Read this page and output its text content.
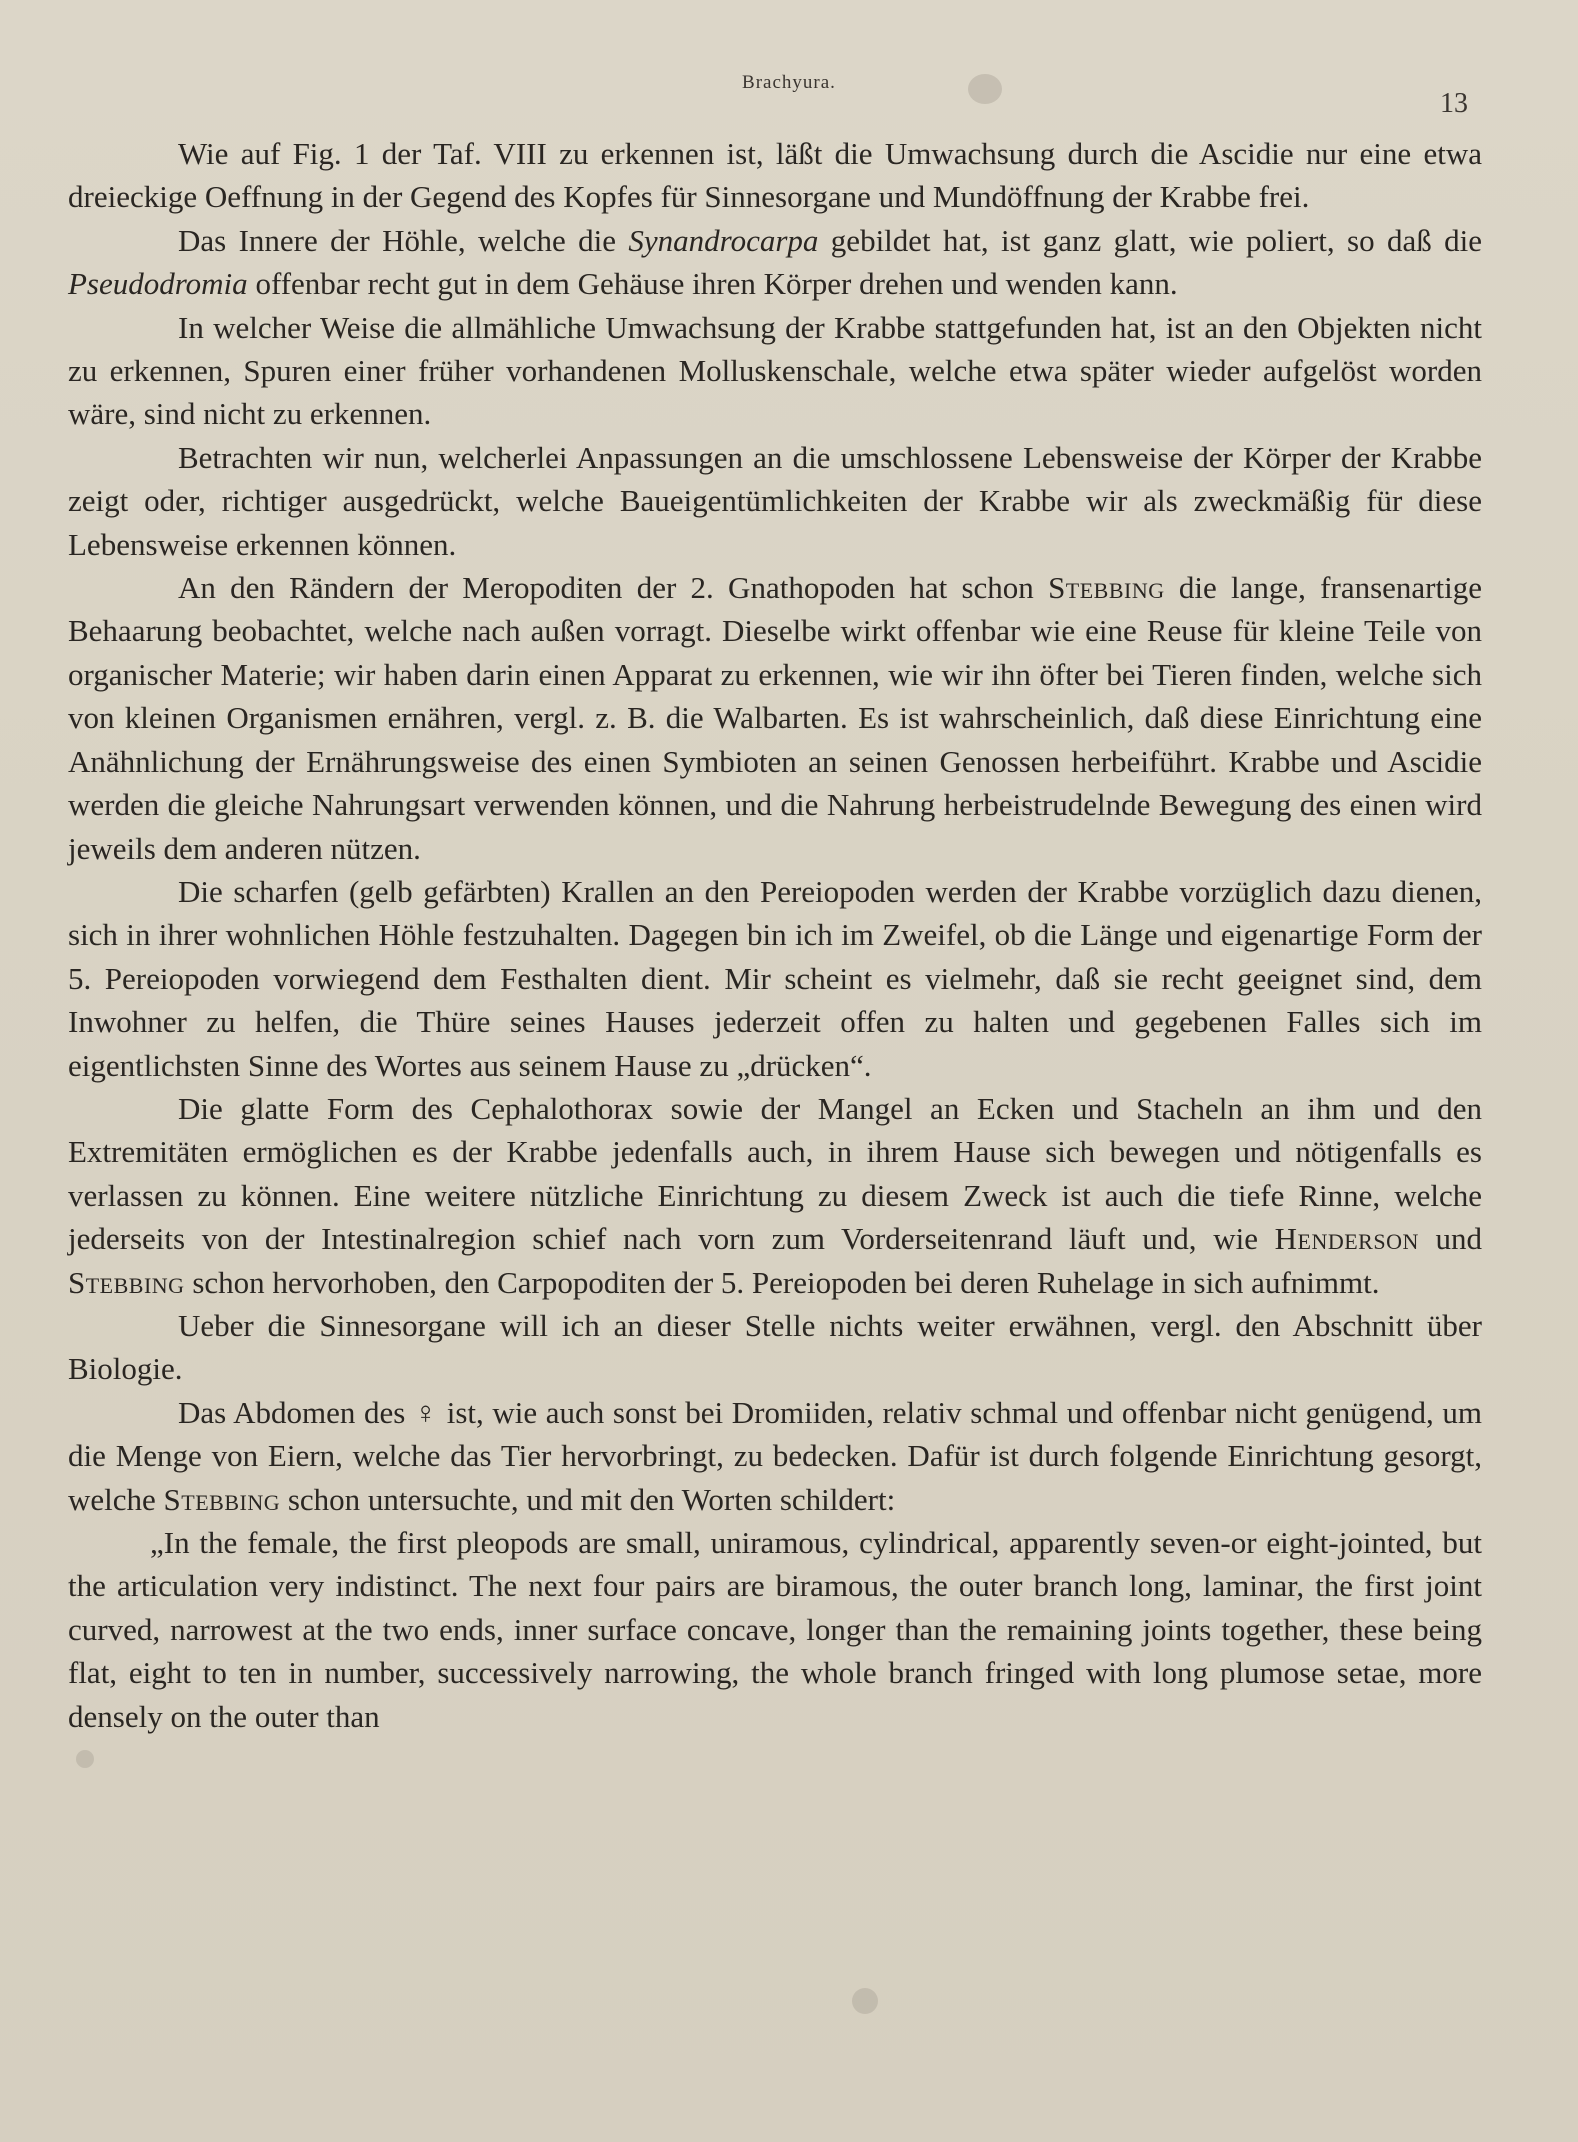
Brachyura.
13

Wie auf Fig. 1 der Taf. VIII zu erkennen ist, läßt die Umwachsung durch die Ascidie nur eine etwa dreieckige Oeffnung in der Gegend des Kopfes für Sinnesorgane und Mundöffnung der Krabbe frei.

Das Innere der Höhle, welche die Synandrocarpa gebildet hat, ist ganz glatt, wie poliert, so daß die Pseudodromia offenbar recht gut in dem Gehäuse ihren Körper drehen und wenden kann.

In welcher Weise die allmähliche Umwachsung der Krabbe stattgefunden hat, ist an den Objekten nicht zu erkennen, Spuren einer früher vorhandenen Molluskenschale, welche etwa später wieder aufgelöst worden wäre, sind nicht zu erkennen.

Betrachten wir nun, welcherlei Anpassungen an die umschlossene Lebensweise der Körper der Krabbe zeigt oder, richtiger ausgedrückt, welche Baueigentümlichkeiten der Krabbe wir als zweckmäßig für diese Lebensweise erkennen können.

An den Rändern der Meropoditen der 2. Gnathopoden hat schon Stebbing die lange, fransenartige Behaarung beobachtet, welche nach außen vorragt. Dieselbe wirkt offenbar wie eine Reuse für kleine Teile von organischer Materie; wir haben darin einen Apparat zu erkennen, wie wir ihn öfter bei Tieren finden, welche sich von kleinen Organismen ernähren, vergl. z. B. die Walbarten. Es ist wahrscheinlich, daß diese Einrichtung eine Anähnlichung der Ernährungsweise des einen Symbioten an seinen Genossen herbeiführt. Krabbe und Ascidie werden die gleiche Nahrungsart verwenden können, und die Nahrung herbeistrudelnde Bewegung des einen wird jeweils dem anderen nützen.

Die scharfen (gelb gefärbten) Krallen an den Pereiopoden werden der Krabbe vorzüglich dazu dienen, sich in ihrer wohnlichen Höhle festzuhalten. Dagegen bin ich im Zweifel, ob die Länge und eigenartige Form der 5. Pereiopoden vorwiegend dem Festhalten dient. Mir scheint es vielmehr, daß sie recht geeignet sind, dem Inwohner zu helfen, die Thüre seines Hauses jederzeit offen zu halten und gegebenen Falles sich im eigentlichsten Sinne des Wortes aus seinem Hause zu „drücken“.

Die glatte Form des Cephalothorax sowie der Mangel an Ecken und Stacheln an ihm und den Extremitäten ermöglichen es der Krabbe jedenfalls auch, in ihrem Hause sich bewegen und nötigenfalls es verlassen zu können. Eine weitere nützliche Einrichtung zu diesem Zweck ist auch die tiefe Rinne, welche jederseits von der Intestinalregion schief nach vorn zum Vorderseitenrand läuft und, wie Henderson und Stebbing schon hervorhoben, den Carpopoditen der 5. Pereiopoden bei deren Ruhelage in sich aufnimmt.

Ueber die Sinnesorgane will ich an dieser Stelle nichts weiter erwähnen, vergl. den Abschnitt über Biologie.

Das Abdomen des ♀ ist, wie auch sonst bei Dromiiden, relativ schmal und offenbar nicht genügend, um die Menge von Eiern, welche das Tier hervorbringt, zu bedecken. Dafür ist durch folgende Einrichtung gesorgt, welche Stebbing schon untersuchte, und mit den Worten schildert:

„In the female, the first pleopods are small, uniramous, cylindrical, apparently seven-or eight-jointed, but the articulation very indistinct. The next four pairs are biramous, the outer branch long, laminar, the first joint curved, narrowest at the two ends, inner surface concave, longer than the remaining joints together, these being flat, eight to ten in number, successively narrowing, the whole branch fringed with long plumose setae, more densely on the outer than
